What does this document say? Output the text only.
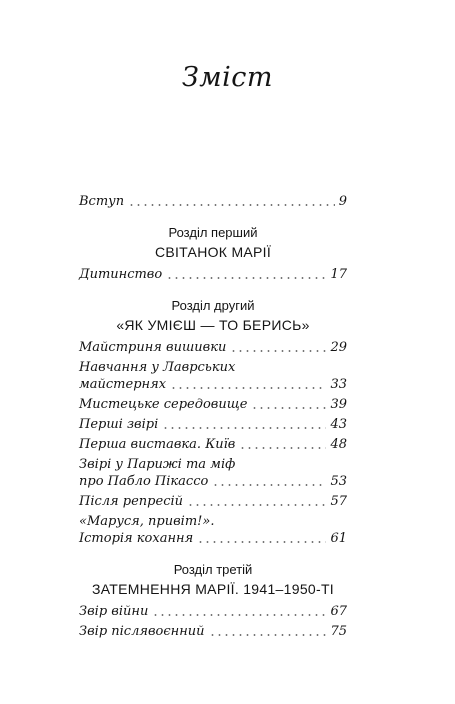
Зміст
Вступ	9
Розділ перший
СВІТАНОК МАРІЇ
Дитинство	17
Розділ другий
«ЯК УМІЄШ — ТО БЕРИСЬ»
Майстриня вишивки	29
Навчання у Лаврських
майстернях	33
Мистецьке середовище	39
Перші звірі	43
Перша виставка. Київ	48
Звірі у Парижі та міф
про Пабло Пікассо	53
Після репресій	57
«Маруся, привіт!».
Історія кохання	61
Розділ третій
ЗАТЕМНЕННЯ МАРІЇ. 1941–1950-ТІ
Звір війни	67
Звір післявоєнний	75
